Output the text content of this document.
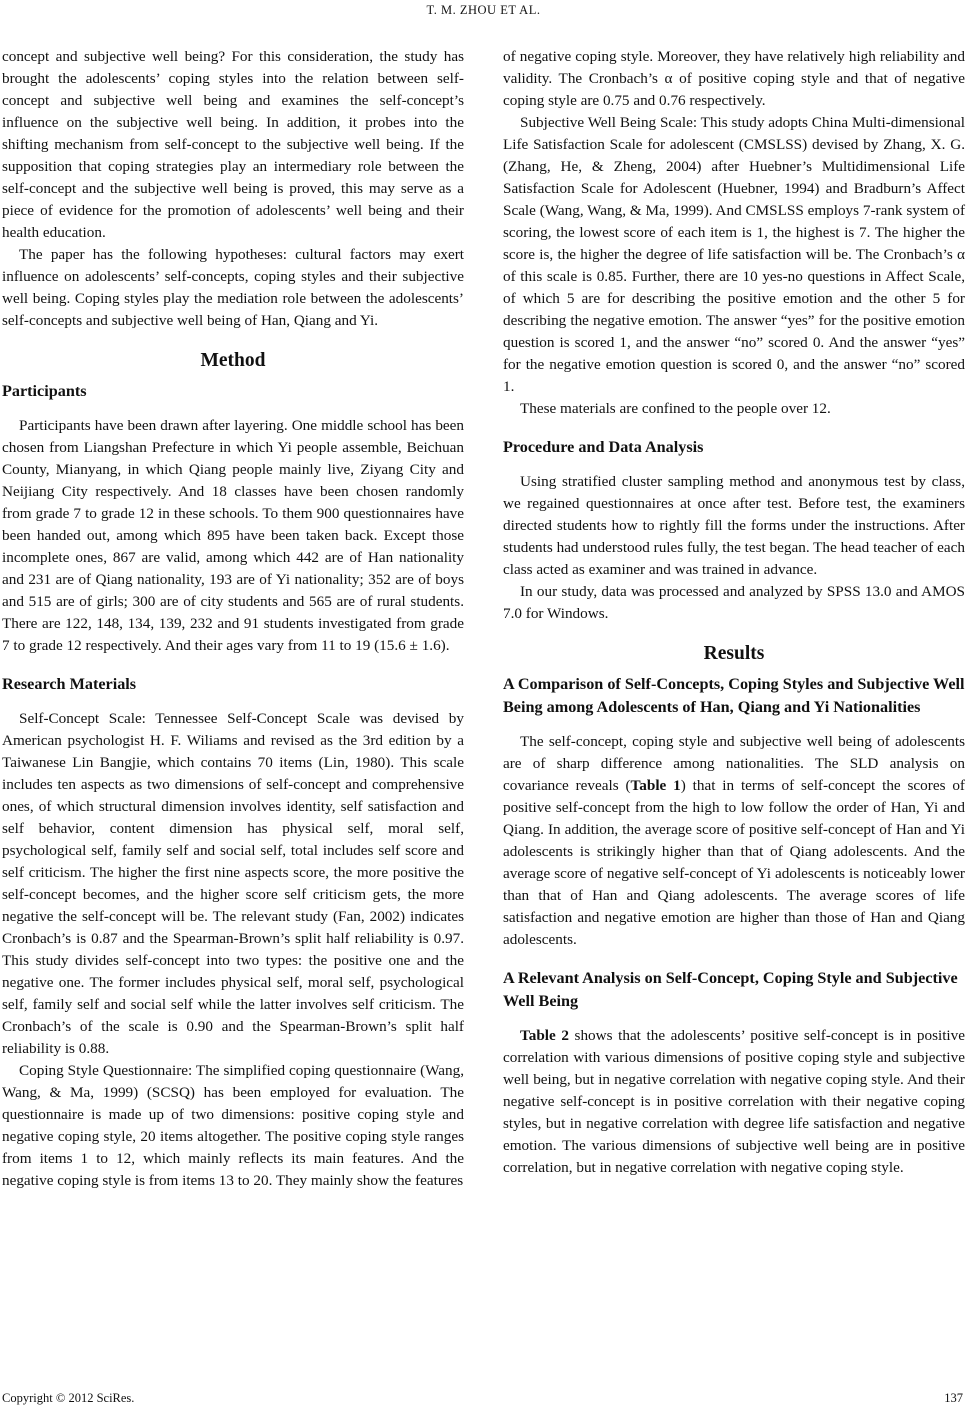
T. M. ZHOU ET AL.

concept and subjective well being? For this consideration, the study has brought the adolescents’ coping styles into the relation between self-concept and subjective well being and examines the self-concept’s influence on the subjective well being. In addition, it probes into the shifting mechanism from self-concept to the subjective well being. If the supposition that coping strategies play an intermediary role between the self-concept and the subjective well being is proved, this may serve as a piece of evidence for the promotion of adolescents’ well being and their health education.

The paper has the following hypotheses: cultural factors may exert influence on adolescents’ self-concepts, coping styles and their subjective well being. Coping styles play the mediation role between the adolescents’ self-concepts and subjective well being of Han, Qiang and Yi.

Method
Participants

Participants have been drawn after layering. One middle school has been chosen from Liangshan Prefecture in which Yi people assemble, Beichuan County, Mianyang, in which Qiang people mainly live, Ziyang City and Neijiang City respectively. And 18 classes have been chosen randomly from grade 7 to grade 12 in these schools. To them 900 questionnaires have been handed out, among which 895 have been taken back. Except those incomplete ones, 867 are valid, among which 442 are of Han nationality and 231 are of Qiang nationality, 193 are of Yi nationality; 352 are of boys and 515 are of girls; 300 are of city students and 565 are of rural students. There are 122, 148, 134, 139, 232 and 91 students investigated from grade 7 to grade 12 respectively. And their ages vary from 11 to 19 (15.6 ± 1.6).

Research Materials

Self-Concept Scale: Tennessee Self-Concept Scale was devised by American psychologist H. F. Wiliams and revised as the 3rd edition by a Taiwanese Lin Bangjie, which contains 70 items (Lin, 1980). This scale includes ten aspects as two dimensions of self-concept and comprehensive ones, of which structural dimension involves identity, self satisfaction and self behavior, content dimension has physical self, moral self, psychological self, family self and social self, total includes self score and self criticism. The higher the first nine aspects score, the more positive the self-concept becomes, and the higher score self criticism gets, the more negative the self-concept will be. The relevant study (Fan, 2002) indicates Cronbach’s is 0.87 and the Spearman-Brown’s split half reliability is 0.97. This study divides self-concept into two types: the positive one and the negative one. The former includes physical self, moral self, psychological self, family self and social self while the latter involves self criticism. The Cronbach’s of the scale is 0.90 and the Spearman-Brown’s split half reliability is 0.88.

Coping Style Questionnaire: The simplified coping questionnaire (Wang, Wang, & Ma, 1999) (SCSQ) has been employed for evaluation. The questionnaire is made up of two dimensions: positive coping style and negative coping style, 20 items altogether. The positive coping style ranges from items 1 to 12, which mainly reflects its main features. And the negative coping style is from items 13 to 20. They mainly show the features

of negative coping style. Moreover, they have relatively high reliability and validity. The Cronbach’s α of positive coping style and that of negative coping style are 0.75 and 0.76 respectively.

Subjective Well Being Scale: This study adopts China Multi-dimensional Life Satisfaction Scale for adolescent (CMSLSS) devised by Zhang, X. G. (Zhang, He, & Zheng, 2004) after Huebner’s Multidimensional Life Satisfaction Scale for Adolescent (Huebner, 1994) and Bradburn’s Affect Scale (Wang, Wang, & Ma, 1999). And CMSLSS employs 7-rank system of scoring, the lowest score of each item is 1, the highest is 7. The higher the score is, the higher the degree of life satisfaction will be. The Cronbach’s α of this scale is 0.85. Further, there are 10 yes-no questions in Affect Scale, of which 5 are for describing the positive emotion and the other 5 for describing the negative emotion. The answer “yes” for the positive emotion question is scored 1, and the answer “no” scored 0. And the answer “yes” for the negative emotion question is scored 0, and the answer “no” scored 1.

These materials are confined to the people over 12.

Procedure and Data Analysis

Using stratified cluster sampling method and anonymous test by class, we regained questionnaires at once after test. Before test, the examiners directed students how to rightly fill the forms under the instructions. After students had understood rules fully, the test began. The head teacher of each class acted as examiner and was trained in advance.

In our study, data was processed and analyzed by SPSS 13.0 and AMOS 7.0 for Windows.

Results
A Comparison of Self-Concepts, Coping Styles and Subjective Well Being among Adolescents of Han, Qiang and Yi Nationalities

The self-concept, coping style and subjective well being of adolescents are of sharp difference among nationalities. The SLD analysis on covariance reveals (Table 1) that in terms of self-concept the scores of positive self-concept from the high to low follow the order of Han, Yi and Qiang. In addition, the average score of positive self-concept of Han and Yi adolescents is strikingly higher than that of Qiang adolescents. And the average score of negative self-concept of Yi adolescents is noticeably lower than that of Han and Qiang adolescents. The average scores of life satisfaction and negative emotion are higher than those of Han and Qiang adolescents.

A Relevant Analysis on Self-Concept, Coping Style and Subjective Well Being

Table 2 shows that the adolescents’ positive self-concept is in positive correlation with various dimensions of positive coping style and subjective well being, but in negative correlation with negative coping style. And their negative self-concept is in positive correlation with their negative coping styles, but in negative correlation with degree life satisfaction and negative emotion. The various dimensions of subjective well being are in positive correlation, but in negative correlation with negative coping style.

Copyright © 2012 SciRes.	137
